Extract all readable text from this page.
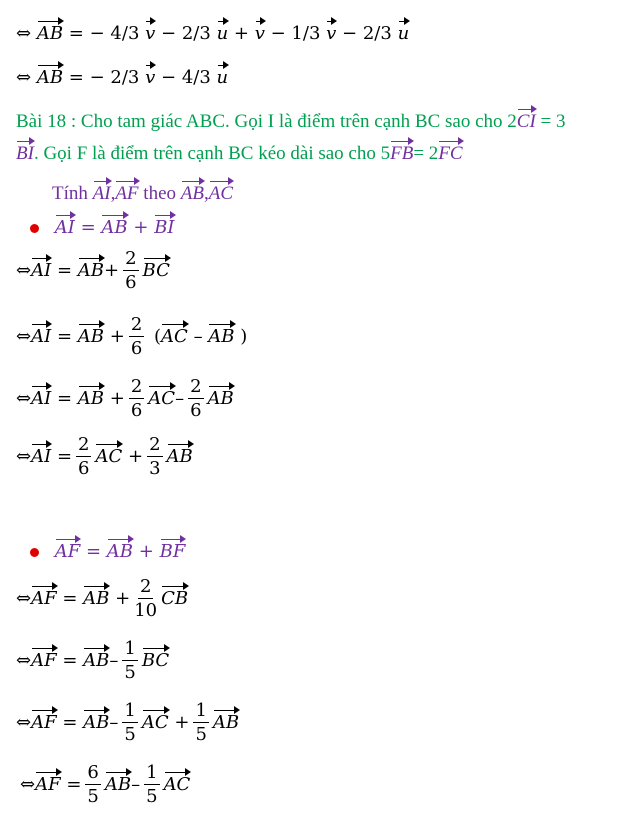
⇔ AB = − 4/3 v − 2/3 u + v − 1/3 v − 2/3 u
⇔ AB = − 2/3 v − 4/3 u
Bài 18 : Cho tam giác ABC. Gọi I là điểm trên cạnh BC sao cho 2CI = 3
BI. Gọi F là điểm trên cạnh BC kéo dài sao cho 5FB= 2FC
Tính AI,AF theo AB,AC
AI = AB + BI
⇔AI = $AB+ \frac{2}{6}$ BC
⇔AI = AB + $\frac{2}{6} (AC$ – AB )
⇔AI = AB + $\frac{2}{6} AC- \frac{2}{6}$ AB
⇔AI = $\frac{2}{6}$ AC + $\frac{2}{3}$ AB
AF = AB + BF
⇔AF = AB + $\frac{2}{10}$ CB
⇔AF = $AB- \frac{1}{5}$ BC
⇔AF = $AB- \frac{1}{5}$ AC + $\frac{1}{5}$ AB
⇔AF = $\frac{6}{5} AB- \frac{1}{5}$ AC
